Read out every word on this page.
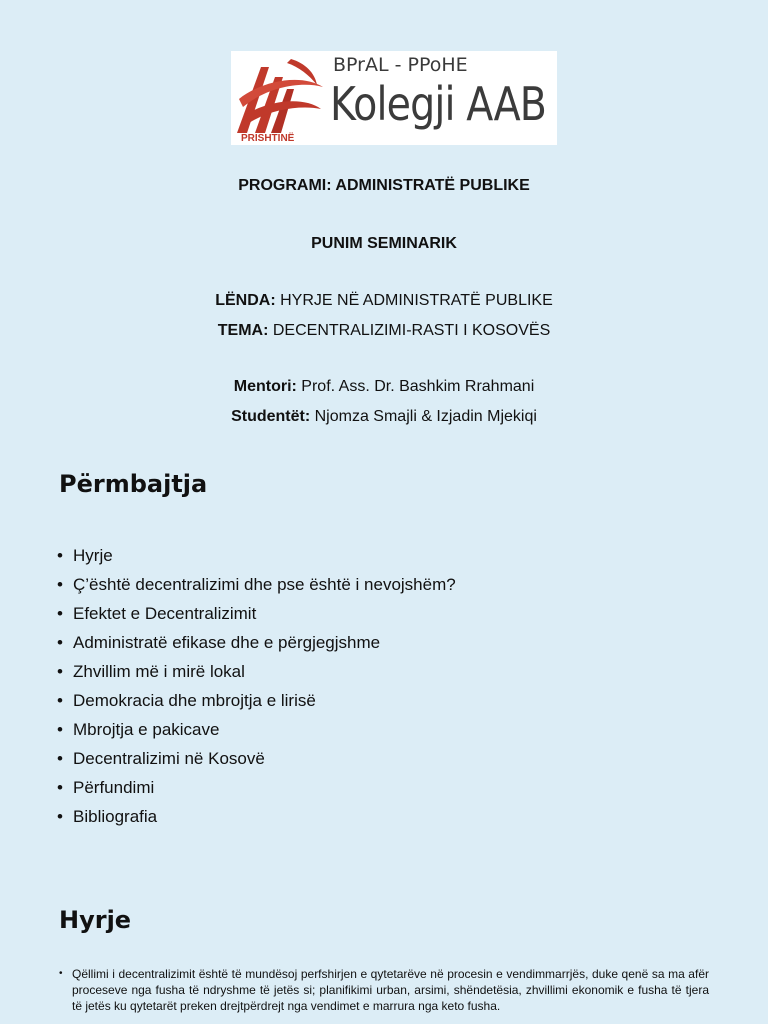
PRISHTINË
BPrAL - PPoHE
Kolegji AAB
PROGRAMI: ADMINISTRATË PUBLIKE
PUNIM SEMINARIK
LËNDA: HYRJE NË ADMINISTRATË PUBLIKE
TEMA: DECENTRALIZIMI-RASTI I KOSOVËS
Mentori: Prof. Ass. Dr. Bashkim Rrahmani
Studentët: Njomza Smajli & Izjadin Mjekiqi
Përmbajtja
• Hyrje
• Ç’është decentralizimi dhe pse është i nevojshëm?
• Efektet e Decentralizimit
• Administratë efikase dhe e përgjegjshme
• Zhvillim më i mirë lokal
• Demokracia dhe mbrojtja e lirisë
• Mbrojtja e pakicave
• Decentralizimi në Kosovë
• Përfundimi
• Bibliografia
Hyrje
• Qëllimi i decentralizimit është të mundësoj perfshirjen e qytetarëve në procesin e vendimmarrjës, duke qenë sa ma afër proceseve nga fusha të ndryshme të jetës si; planifikimi urban, arsimi, shëndetësia, zhvillimi ekonomik e fusha të tjera të jetës ku qytetarët preken drejtpërdrejt nga vendimet e marrura nga keto fusha.
